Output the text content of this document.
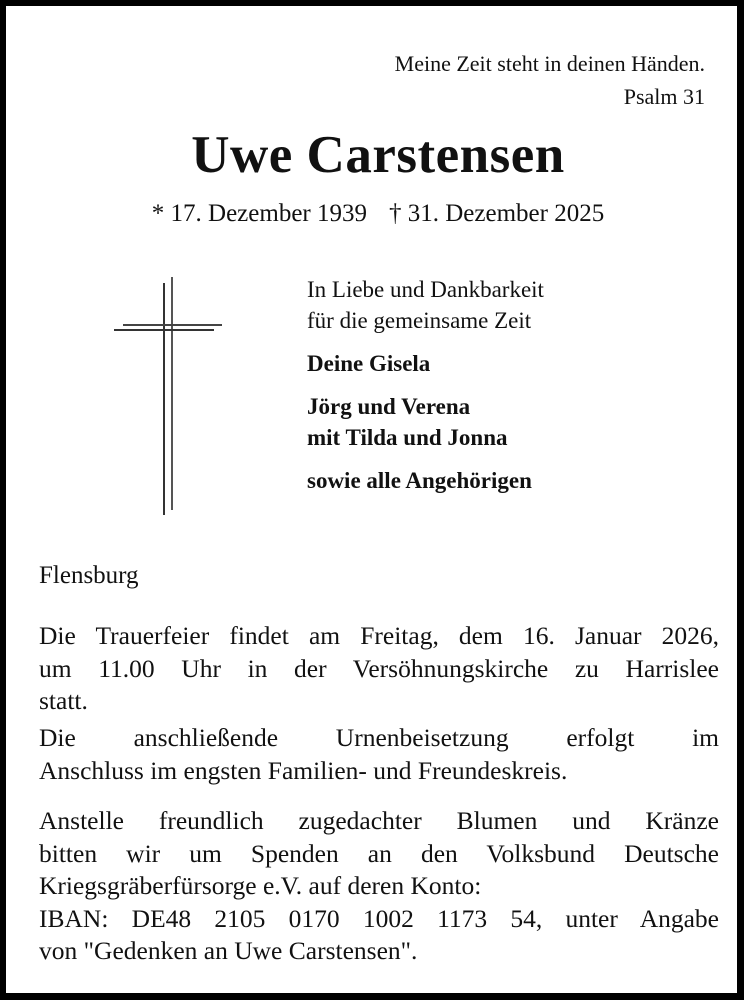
Meine Zeit steht in deinen Händen.
Psalm 31
Uwe Carstensen
* 17. Dezember 1939 † 31. Dezember 2025
In Liebe und Dankbarkeit
für die gemeinsame Zeit
Deine Gisela
Jörg und Verena
mit Tilda und Jonna
sowie alle Angehörigen
Flensburg
Die Trauerfeier findet am Freitag, dem 16. Januar 2026,
um 11.00 Uhr in der Versöhnungskirche zu Harrislee
statt.
Die anschließende Urnenbeisetzung erfolgt im
Anschluss im engsten Familien- und Freundeskreis.
Anstelle freundlich zugedachter Blumen und Kränze
bitten wir um Spenden an den Volksbund Deutsche
Kriegsgräberfürsorge e.V. auf deren Konto:
IBAN: DE48 2105 0170 1002 1173 54, unter Angabe
von "Gedenken an Uwe Carstensen".
